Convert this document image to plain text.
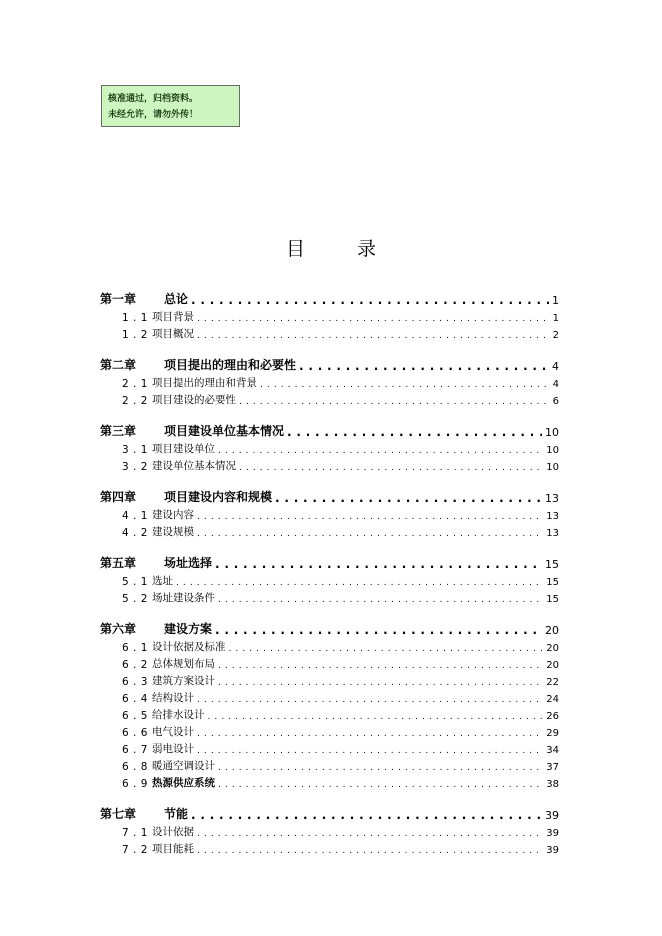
核准通过，归档资料。
未经允许，请勿外传！
目	录
第一章	总论 . . .	1
1 . 1 项目背景 . . .	1
1 . 2 项目概况 . . .	2
第二章	项目提出的理由和必要性 . . .	4
2 . 1 项目提出的理由和背景 . . .	4
2 . 2 项目建设的必要性 . . .	6
第三章	项目建设单位基本情况 . . .	10
3 . 1 项目建设单位 . . .	10
3 . 2 建设单位基本情况 . . .	10
第四章	项目建设内容和规模 . . .	13
4 . 1 建设内容 . . .	13
4 . 2 建设规模 . . .	13
第五章	场址选择 . . .	15
5 . 1 选址 . . .	15
5 . 2 场址建设条件 . . .	15
第六章	建设方案 . . .	20
6 . 1 设计依据及标准 . . .	20
6 . 2 总体规划布局 . . .	20
6 . 3 建筑方案设计 . . .	22
6 . 4 结构设计 . . .	24
6 . 5 给排水设计 . . .	26
6 . 6 电气设计 . . .	29
6 . 7 弱电设计 . . .	34
6 . 8 暖通空调设计 . . .	37
6 . 9 热源供应系统 . . .	38
第七章	节能 . . .	39
7 . 1 设计依据 . . .	39
7 . 2 项目能耗 . . .	39
